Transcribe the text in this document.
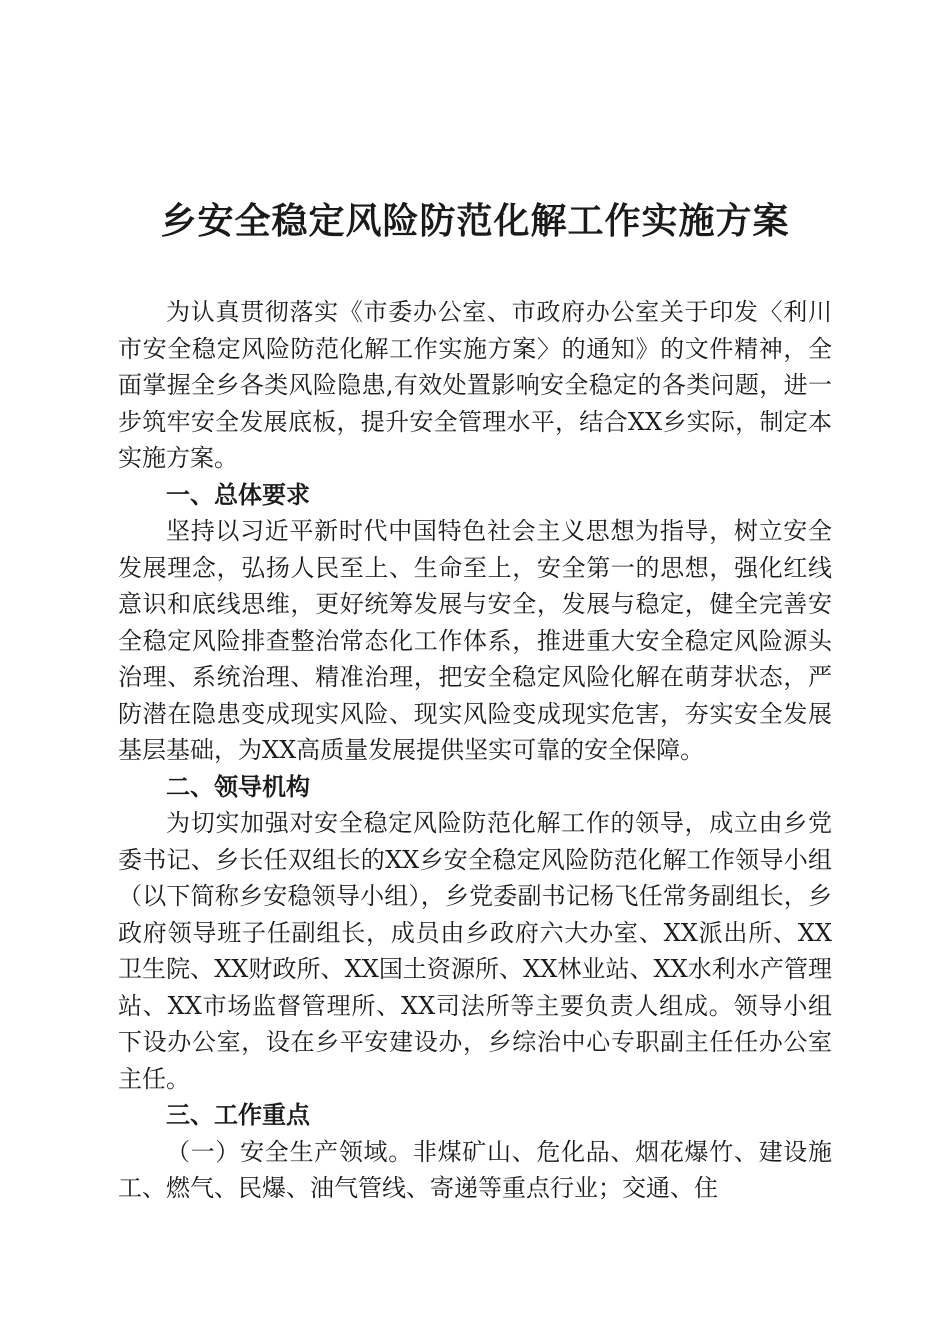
乡安全稳定风险防范化解工作实施方案

为认真贯彻落实《市委办公室、市政府办公室关于印发〈利川市安全稳定风险防范化解工作实施方案〉的通知》的文件精神，全面掌握全乡各类风险隐患,有效处置影响安全稳定的各类问题，进一步筑牢安全发展底板，提升安全管理水平，结合XX乡实际，制定本实施方案。

一、总体要求

坚持以习近平新时代中国特色社会主义思想为指导，树立安全发展理念，弘扬人民至上、生命至上，安全第一的思想，强化红线意识和底线思维，更好统筹发展与安全，发展与稳定，健全完善安全稳定风险排查整治常态化工作体系，推进重大安全稳定风险源头治理、系统治理、精准治理，把安全稳定风险化解在萌芽状态，严防潜在隐患变成现实风险、现实风险变成现实危害，夯实安全发展基层基础，为XX高质量发展提供坚实可靠的安全保障。

二、领导机构

为切实加强对安全稳定风险防范化解工作的领导，成立由乡党委书记、乡长任双组长的XX乡安全稳定风险防范化解工作领导小组（以下简称乡安稳领导小组），乡党委副书记杨飞任常务副组长，乡政府领导班子任副组长，成员由乡政府六大办室、XX派出所、XX卫生院、XX财政所、XX国土资源所、XX林业站、XX水利水产管理站、XX市场监督管理所、XX司法所等主要负责人组成。领导小组下设办公室，设在乡平安建设办，乡综治中心专职副主任任办公室主任。

三、工作重点

（一）安全生产领域。非煤矿山、危化品、烟花爆竹、建设施工、燃气、民爆、油气管线、寄递等重点行业；交通、住
